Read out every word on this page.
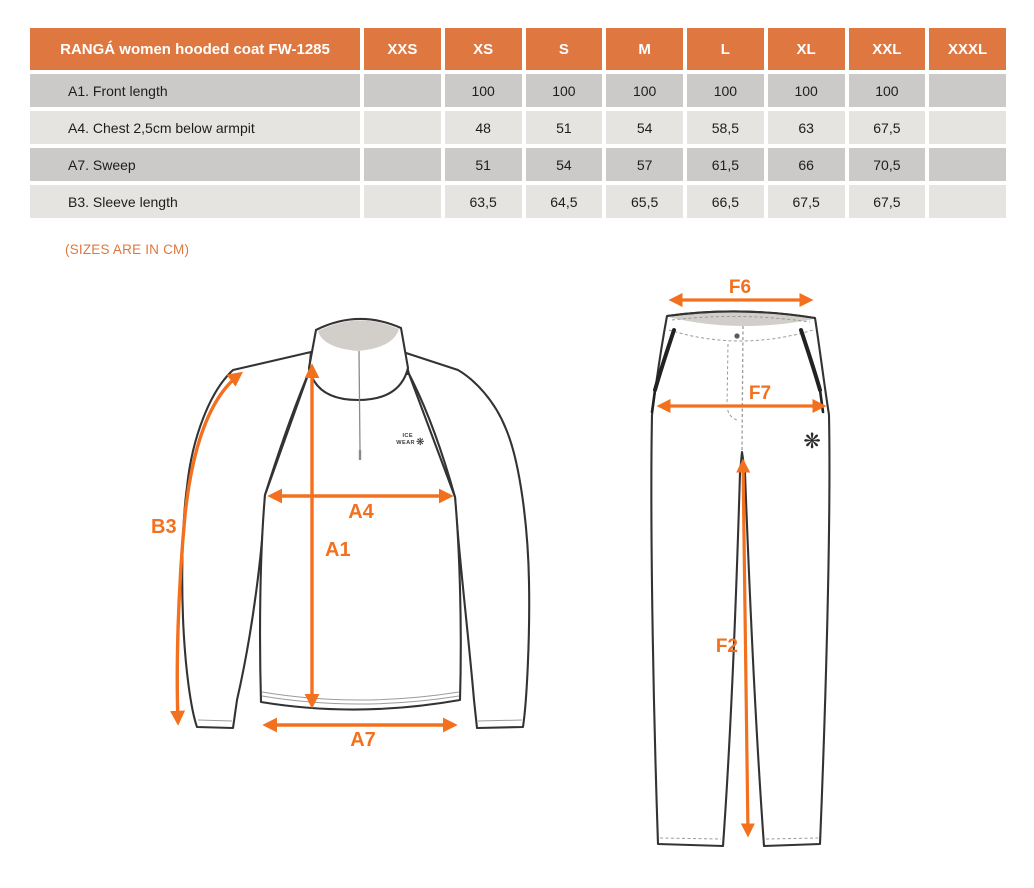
RANGÁ women hooded coat FW-1285	XXS	XS	S	M	L	XL	XXL	XXXL
A1. Front length		100	100	100	100	100	100	
A4. Chest 2,5cm below armpit		48	51	54	58,5	63	67,5	
A7. Sweep		51	54	57	61,5	66	70,5	
B3. Sleeve length		63,5	64,5	65,5	66,5	67,5	67,5	
(SIZES ARE IN CM)
ICE
WEAR ❋
B3
A4
A1
A7
❋
F6
F7
F2
